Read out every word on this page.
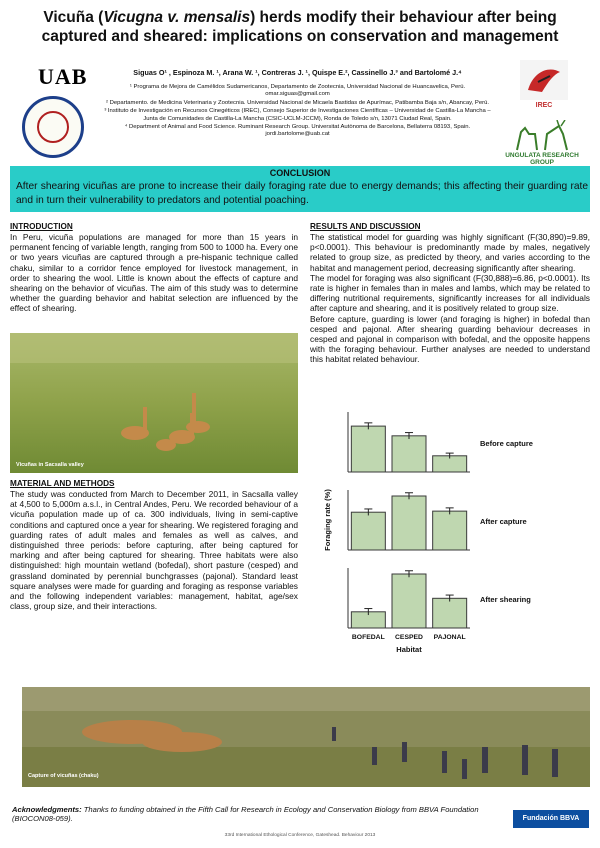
Vicuña (Vicugna v. mensalis) herds modify their behaviour after being
captured and sheared: implications on conservation and management
UAB
IREC
UNGULATA RESEARCH GROUP
Siguas O¹ , Espinoza M. ¹, Arana W. ¹, Contreras J. ¹, Quispe E.², Cassinello J.³ and Bartolomé J.⁴
¹ Programa de Mejora de Camélidos Sudamericanos, Departamento de Zootecnia, Universidad Nacional de Huancavelica, Perú. omar.siguas@gmail.com
² Departamento. de Medicina Veterinaria y Zootecnia. Universidad Nacional de Micaela Bastidas de Apurímac, Patibamba Baja s/n, Abancay, Perú.
³ Instituto de Investigación en Recursos Cinegéticos (IREC), Consejo Superior de Investigaciones Científicas – Universidad de Castilla-La Mancha – Junta de Comunidades de Castilla-La Mancha (CSIC-UCLM-JCCM), Ronda de Toledo s/n, 13071 Ciudad Real, Spain.
⁴ Department of Animal and Food Science. Ruminant Research Group. Universitat Autònoma de Barcelona, Bellaterra 08193, Spain. jordi.bartolome@uab.cat
CONCLUSION
After shearing vicuñas are prone to increase their daily foraging rate due to energy demands; this affecting their guarding rate and in turn their vulnerability to predators and potential poaching.
INTRODUCTION
In Peru, vicuña populations are managed for more than 15 years in permanent fencing of variable length, ranging from 500 to 1000 ha. Every one or two years vicuñas are captured through a pre-hispanic technique called chaku, similar to a corridor fence employed for livestock management, in order to shearing the wool. Little is known about the effects of capture and shearing on the behavior of vicuñas. The aim of this study was to determine whether the guarding behavior and habitat selection are influenced by the effect of shearing.
Vicuñas in Sacsalla valley
MATERIAL AND METHODS
The study was conducted from March to December 2011, in Sacsalla valley at 4,500 to 5,000m a.s.l., in Central Andes, Peru. We recorded behaviour of a vicuña population made up of ca. 300 individuals, living in semi-captive conditions and captured once a year for shearing. We registered foraging and guarding rates of adult males and females as well as calves, and distinguished three periods: before capturing, after being captured for marking and after being captured for shearing. Three habitats were also distinguished: high mountain wetland (bofedal), short pasture (cesped) and grassland dominated by perennial bunchgrasses (pajonal). Standard least square analyses were made for guarding and foraging as response variables and the following independent variables: management, habitat, age/sex class, group size, and their interactions.
RESULTS AND DISCUSSION
The statistical model for guarding was highly significant (F(30,890)=9.89, p<0.0001). This behaviour is predominantly made by males, negatively related to group size, as predicted by theory, and varies according to the habitat and management period, decreasing significantly after shearing.
The model for foraging was also significant (F(30,888)=6.86, p<0.0001). Its rate is higher in females than in males and lambs, which may be related to differing nutritional requirements, significantly increases for all individuals after capture and shearing, and it is positively related to group size.
Before capture, guarding is lower (and foraging is higher) in bofedal than cesped and pajonal. After shearing guarding behaviour decreases in cesped and pajonal in comparison with bofedal, and the opposite happens with the foraging behaviour. Further analyses are needed to understand this habitat related behaviour.
Before capture
After capture
After shearing
BOFEDAL CESPED PAJONAL
Habitat
Foraging rate (%)
Capture of vicuñas (chaku)
Acknowledgments: Thanks to funding obtained in the Fifth Call for Research in Ecology and Conservation Biology from BBVA Foundation (BIOCON08-059).	Fundación BBVA
33rd International Ethological Conference, Gateshead. Behaviour 2013
